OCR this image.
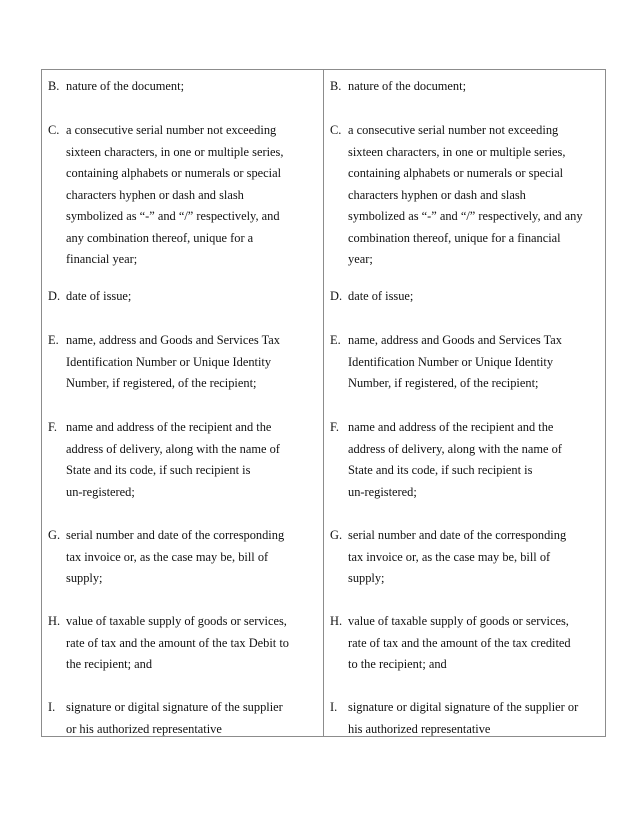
B. nature of the document;
C. a consecutive serial number not exceeding
sixteen characters, in one or multiple series,
containing alphabets or numerals or special
characters hyphen or dash and slash
symbolized as “-” and “/” respectively, and
any combination thereof, unique for a
financial year;
D. date of issue;
E. name, address and Goods and Services Tax
Identification Number or Unique Identity
Number, if registered, of the recipient;
F. name and address of the recipient and the
address of delivery, along with the name of
State and its code, if such recipient is
un-registered;
G. serial number and date of the corresponding
tax invoice or, as the case may be, bill of
supply;
H. value of taxable supply of goods or services,
rate of tax and the amount of the tax Debit to
the recipient; and
I. signature or digital signature of the supplier
or his authorized representative
B. nature of the document;
C. a consecutive serial number not exceeding
sixteen characters, in one or multiple series,
containing alphabets or numerals or special
characters hyphen or dash and slash
symbolized as “-” and “/” respectively, and any
combination thereof, unique for a financial
year;
D. date of issue;
E. name, address and Goods and Services Tax
Identification Number or Unique Identity
Number, if registered, of the recipient;
F. name and address of the recipient and the
address of delivery, along with the name of
State and its code, if such recipient is
un-registered;
G. serial number and date of the corresponding
tax invoice or, as the case may be, bill of
supply;
H. value of taxable supply of goods or services,
rate of tax and the amount of the tax credited
to the recipient; and
I. signature or digital signature of the supplier or
his authorized representative
